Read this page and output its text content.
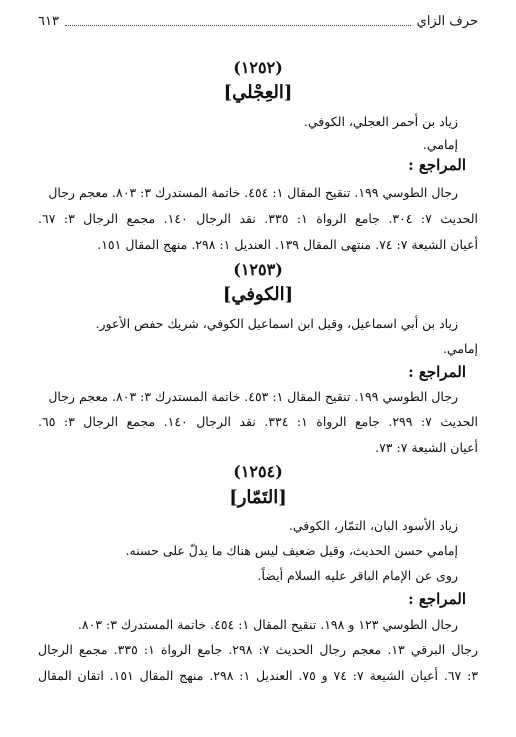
حرف الزاي
٦١٣
(١٢٥٢)
[العِجْلي]
زياد بن أحمر العجلي، الكوفي.
إمامي.
المراجع :
رجال الطوسي ١٩٩. تنقيح المقال ١: ٤٥٤. خاتمة المستدرك ٣: ٨٠٣. معجم رجال
الحديث ٧: ٣٠٤. جامع الرواة ١: ٣٣٥. نقد الرجال ١٤٠. مجمع الرجال ٣: ٦٧.
أعيان الشيعة ٧: ٧٤. منتهى المقال ١٣٩. العنديل ١: ٢٩٨. منهج المقال ١٥١.
(١٢٥٣)
[الكوفي]
زياد بن أبي اسماعيل، وقيل ابن اسماعيل الكوفي، شريك حفص الأعور.
إمامي.
المراجع :
رجال الطوسي ١٩٩. تنقيح المقال ١: ٤٥٣. خاتمة المستدرك ٣: ٨٠٣. معجم رجال
الحديث ٧: ٢٩٩. جامع الرواة ١: ٣٣٤. نقد الرجال ١٤٠. مجمع الرجال ٣: ٦٥.
أعيان الشيعة ٧: ٧٣.
(١٢٥٤)
[التَمّار]
زياد الأسود البان، التمّار، الكوفي.
إمامي حسن الحديث، وقيل ضعيف ليس هناك ما يدلّ على حسنه.
روى عن الإمام الباقر عليه السلام أيضاً.
المراجع :
رجال الطوسي ١٢٣ و ١٩٨. تنقيح المقال ١: ٤٥٤. خاتمة المستدرك ٣: ٨٠٣.
رجال البرقي ١٣. معجم رجال الحديث ٧: ٢٩٨. جامع الرواة ١: ٣٣٥. مجمع الرجال
٣: ٦٧. أعيان الشيعة ٧: ٧٤ و ٧٥. العنديل ١: ٢٩٨. منهج المقال ١٥١. اتقان المقال
